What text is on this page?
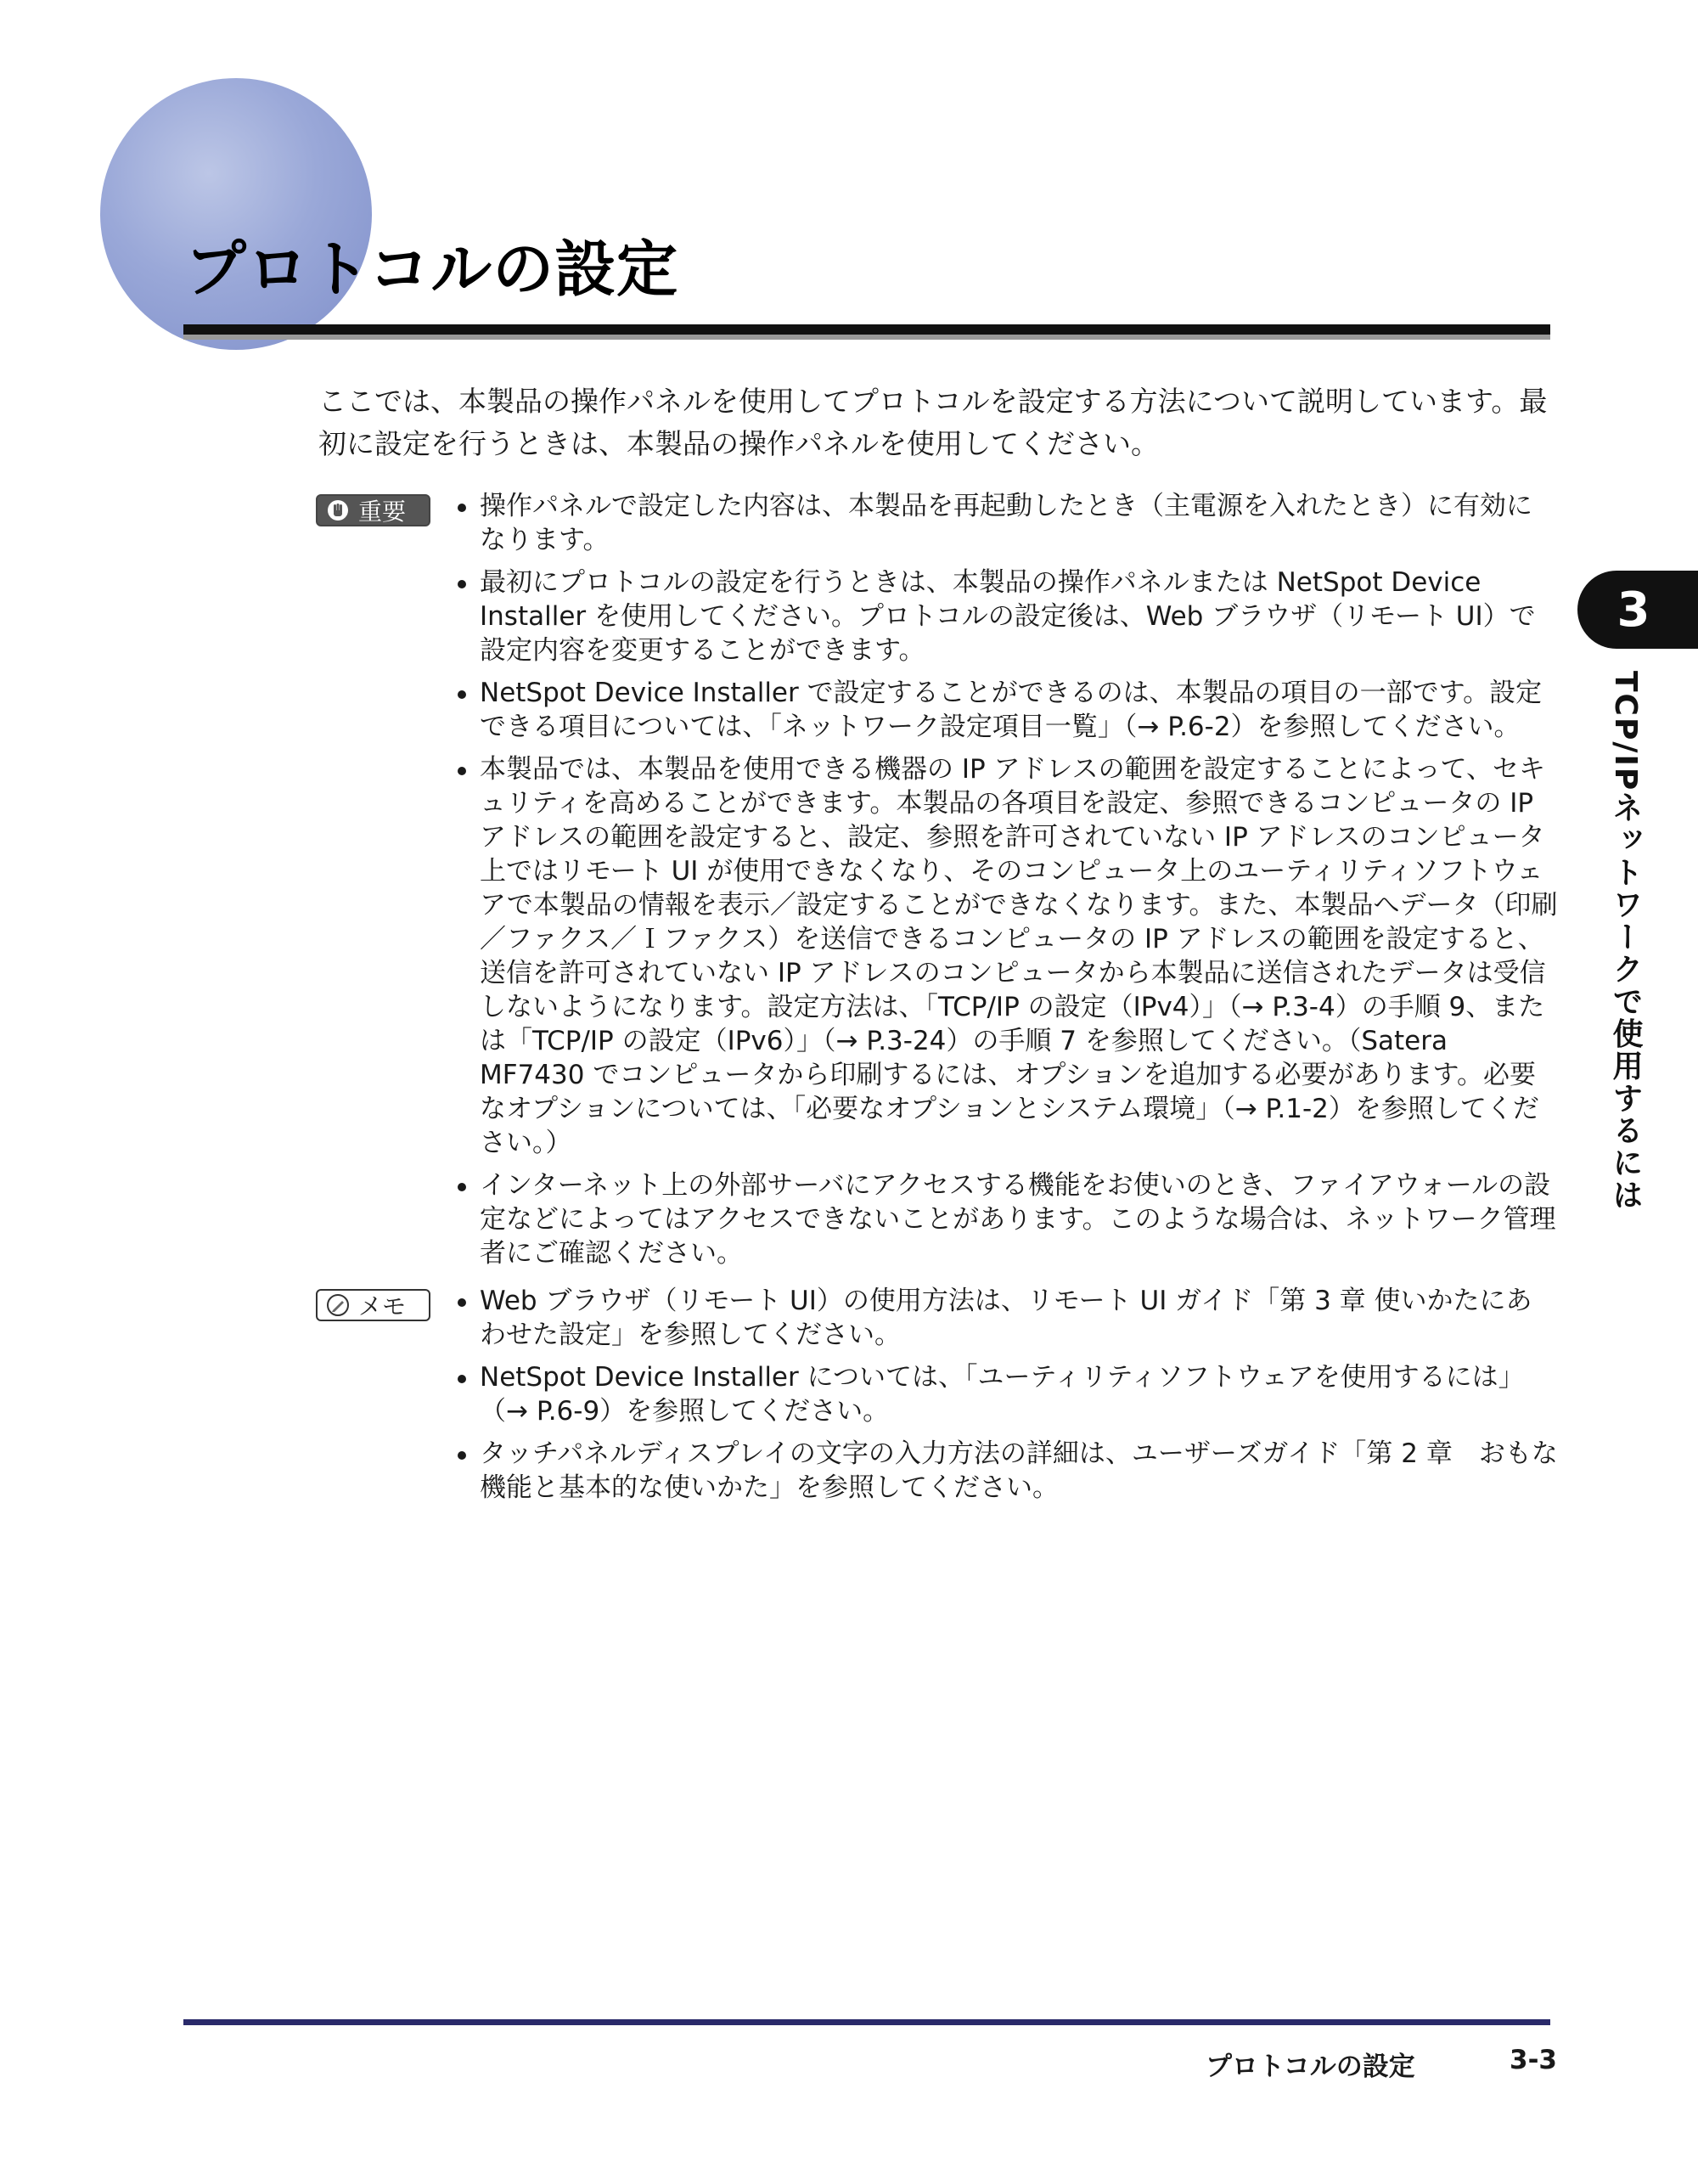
プロトコルの設定

ここでは、本製品の操作パネルを使用してプロトコルを設定する方法について説明しています。最初に設定を行うときは、本製品の操作パネルを使用してください。

重要	操作パネルで設定した内容は、本製品を再起動したとき（主電源を入れたとき）に有効になります。
最初にプロトコルの設定を行うときは、本製品の操作パネルまたは NetSpot Device Installer を使用してください。プロトコルの設定後は、Web ブラウザ（リモート UI）で設定内容を変更することができます。
NetSpot Device Installer で設定することができるのは、本製品の項目の一部です。設定できる項目については、「ネットワーク設定項目一覧」（→ P.6-2）を参照してください。
本製品では、本製品を使用できる機器の IP アドレスの範囲を設定することによって、セキュリティを高めることができます。本製品の各項目を設定、参照できるコンピュータの IP アドレスの範囲を設定すると、設定、参照を許可されていない IP アドレスのコンピュータ上ではリモート UI が使用できなくなり、そのコンピュータ上のユーティリティソフトウェアで本製品の情報を表示／設定することができなくなります。また、本製品へデータ（印刷／ファクス／Ｉファクス）を送信できるコンピュータの IP アドレスの範囲を設定すると、送信を許可されていない IP アドレスのコンピュータから本製品に送信されたデータは受信しないようになります。設定方法は、「TCP/IP の設定（IPv4）」（→ P.3-4）の手順 9、または「TCP/IP の設定（IPv6）」（→ P.3-24）の手順 7 を参照してください。（Satera MF7430 でコンピュータから印刷するには、オプションを追加する必要があります。必要なオプションについては、「必要なオプションとシステム環境」（→ P.1-2）を参照してください。）
インターネット上の外部サーバにアクセスする機能をお使いのとき、ファイアウォールの設定などによってはアクセスできないことがあります。このような場合は、ネットワーク管理者にご確認ください。
メモ	Web ブラウザ（リモート UI）の使用方法は、リモート UI ガイド「第 3 章 使いかたにあわせた設定」を参照してください。
NetSpot Device Installer については、「ユーティリティソフトウェアを使用するには」（→ P.6-9）を参照してください。
タッチパネルディスプレイの文字の入力方法の詳細は、ユーザーズガイド「第 2 章　おもな機能と基本的な使いかた」を参照してください。
3
TCP/IPネットワークで使用するには
プロトコルの設定	3-3
